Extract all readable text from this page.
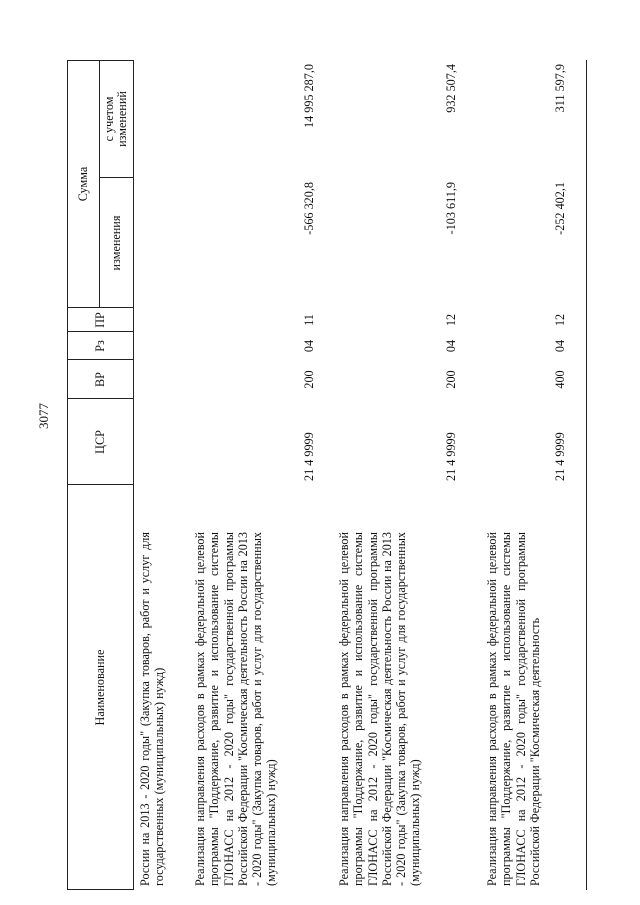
3077
Наименование
ЦСР
ВР
Рз
ПР
Сумма
изменения
с учетом изменений
России на 2013 - 2020 годы" (Закупка товаров, работ и услуг для государственных (муниципальных) нужд) Реализация направления расходов в рамках федеральной целевой программы "Поддержание, развитие и использование системы ГЛОНАСС на 2012 - 2020 годы" государственной программы Российской Федерации "Космическая деятельность России на 2013 - 2020 годы" (Закупка товаров, работ и услуг для государственных (муниципальных) нужд)
21 4 9999
200
04
11
-566 320,8
14 995 287,0
Реализация направления расходов в рамках федеральной целевой программы "Поддержание, развитие и использование системы ГЛОНАСС на 2012 - 2020 годы" государственной программы Российской Федерации "Космическая деятельность России на 2013 - 2020 годы" (Закупка товаров, работ и услуг для государственных (муниципальных) нужд)
21 4 9999
200
04
12
-103 611,9
932 507,4
Реализация направления расходов в рамках федеральной целевой программы "Поддержание, развитие и использование системы ГЛОНАСС на 2012 - 2020 годы" государственной программы Российской Федерации "Космическая деятельность
21 4 9999
400
04
12
-252 402,1
311 597,9
